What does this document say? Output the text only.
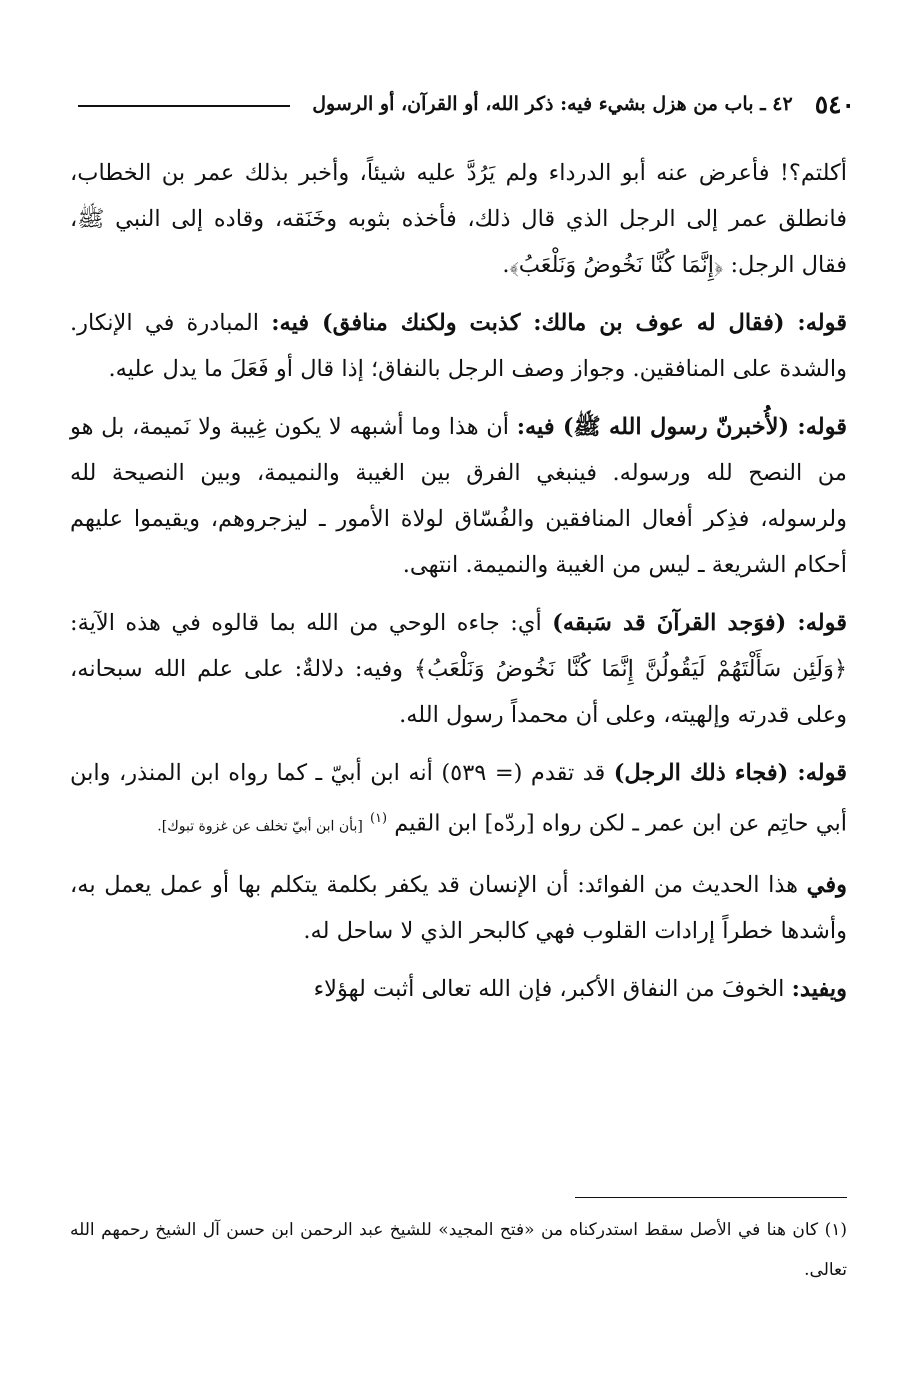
٥٤٠
٤٢ ـ باب من هزل بشيء فيه: ذكر الله، أو القرآن، أو الرسول

أكلتم؟! فأعرض عنه أبو الدرداء ولم يَرُدَّ عليه شيئاً، وأخبر بذلك عمر بن الخطاب، فانطلق عمر إلى الرجل الذي قال ذلك، فأخذه بثوبه وخَنَقه، وقاده إلى النبي ﷺ، فقال الرجل: ﴿إِنَّمَا كُنَّا نَخُوضُ وَنَلْعَبُ﴾.

قوله: (فقال له عوف بن مالك: كذبت ولكنك منافق) فيه: المبادرة في الإنكار. والشدة على المنافقين. وجواز وصف الرجل بالنفاق؛ إذا قال أو فَعَلَ ما يدل عليه.

قوله: (لأُخبرنّ رسول الله ﷺ) فيه: أن هذا وما أشبهه لا يكون غِيبة ولا نَميمة، بل هو من النصح لله ورسوله. فينبغي الفرق بين الغيبة والنميمة، وبين النصيحة لله ولرسوله، فذِكر أفعال المنافقين والفُسّاق لولاة الأمور ـ ليزجروهم، ويقيموا عليهم أحكام الشريعة ـ ليس من الغيبة والنميمة. انتهى.

قوله: (فوَجد القرآنَ قد سَبقه) أي: جاءه الوحي من الله بما قالوه في هذه الآية: ﴿وَلَئِن سَأَلْتَهُمْ لَيَقُولُنَّ إِنَّمَا كُنَّا نَخُوضُ وَنَلْعَبُ﴾ وفيه: دلالةٌ: على علم الله سبحانه، وعلى قدرته وإلهيته، وعلى أن محمداً رسول الله.

قوله: (فجاء ذلك الرجل) قد تقدم (= ٥٣٩) أنه ابن أبيّ ـ كما رواه ابن المنذر، وابن أبي حاتِم عن ابن عمر ـ لكن رواه [ردّه] ابن القيم $^{(١)}$ [بأن ابن أبيّ تخلف عن غزوة تبوك].

وفي هذا الحديث من الفوائد: أن الإنسان قد يكفر بكلمة يتكلم بها أو عمل يعمل به، وأشدها خطراً إرادات القلوب فهي كالبحر الذي لا ساحل له.

ويفيد: الخوفَ من النفاق الأكبر، فإن الله تعالى أثبت لهؤلاء

(١) كان هنا في الأصل سقط استدركناه من «فتح المجيد» للشيخ عبد الرحمن ابن حسن آل الشيخ رحمهم الله تعالى.
